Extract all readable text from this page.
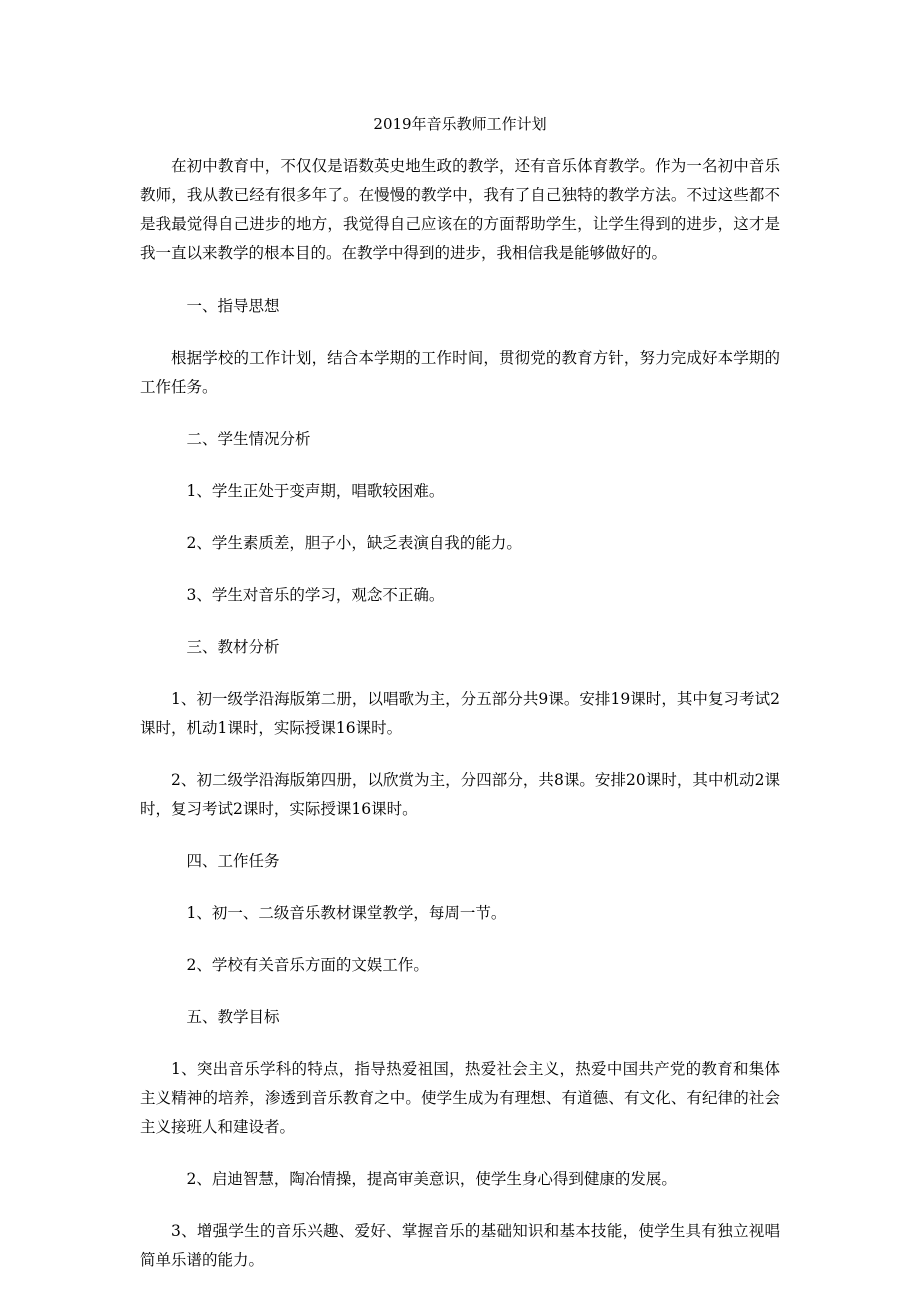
2019年音乐教师工作计划

在初中教育中，不仅仅是语数英史地生政的教学，还有音乐体育教学。作为一名初中音乐教师，我从教已经有很多年了。在慢慢的教学中，我有了自己独特的教学方法。不过这些都不是我最觉得自己进步的地方，我觉得自己应该在的方面帮助学生，让学生得到的进步，这才是我一直以来教学的根本目的。在教学中得到的进步，我相信我是能够做好的。

一、指导思想

根据学校的工作计划，结合本学期的工作时间，贯彻党的教育方针，努力完成好本学期的工作任务。

二、学生情况分析

1、学生正处于变声期，唱歌较困难。

2、学生素质差，胆子小，缺乏表演自我的能力。

3、学生对音乐的学习，观念不正确。

三、教材分析

1、初一级学沿海版第二册，以唱歌为主，分五部分共9课。安排19课时，其中复习考试2课时，机动1课时，实际授课16课时。

2、初二级学沿海版第四册，以欣赏为主，分四部分，共8课。安排20课时，其中机动2课时，复习考试2课时，实际授课16课时。

四、工作任务

1、初一、二级音乐教材课堂教学，每周一节。

2、学校有关音乐方面的文娱工作。

五、教学目标

1、突出音乐学科的特点，指导热爱祖国，热爱社会主义，热爱中国共产党的教育和集体主义精神的培养，渗透到音乐教育之中。使学生成为有理想、有道德、有文化、有纪律的社会主义接班人和建设者。

2、启迪智慧，陶冶情操，提高审美意识，使学生身心得到健康的发展。

3、增强学生的音乐兴趣、爱好、掌握音乐的基础知识和基本技能，使学生具有独立视唱简单乐谱的能力。
